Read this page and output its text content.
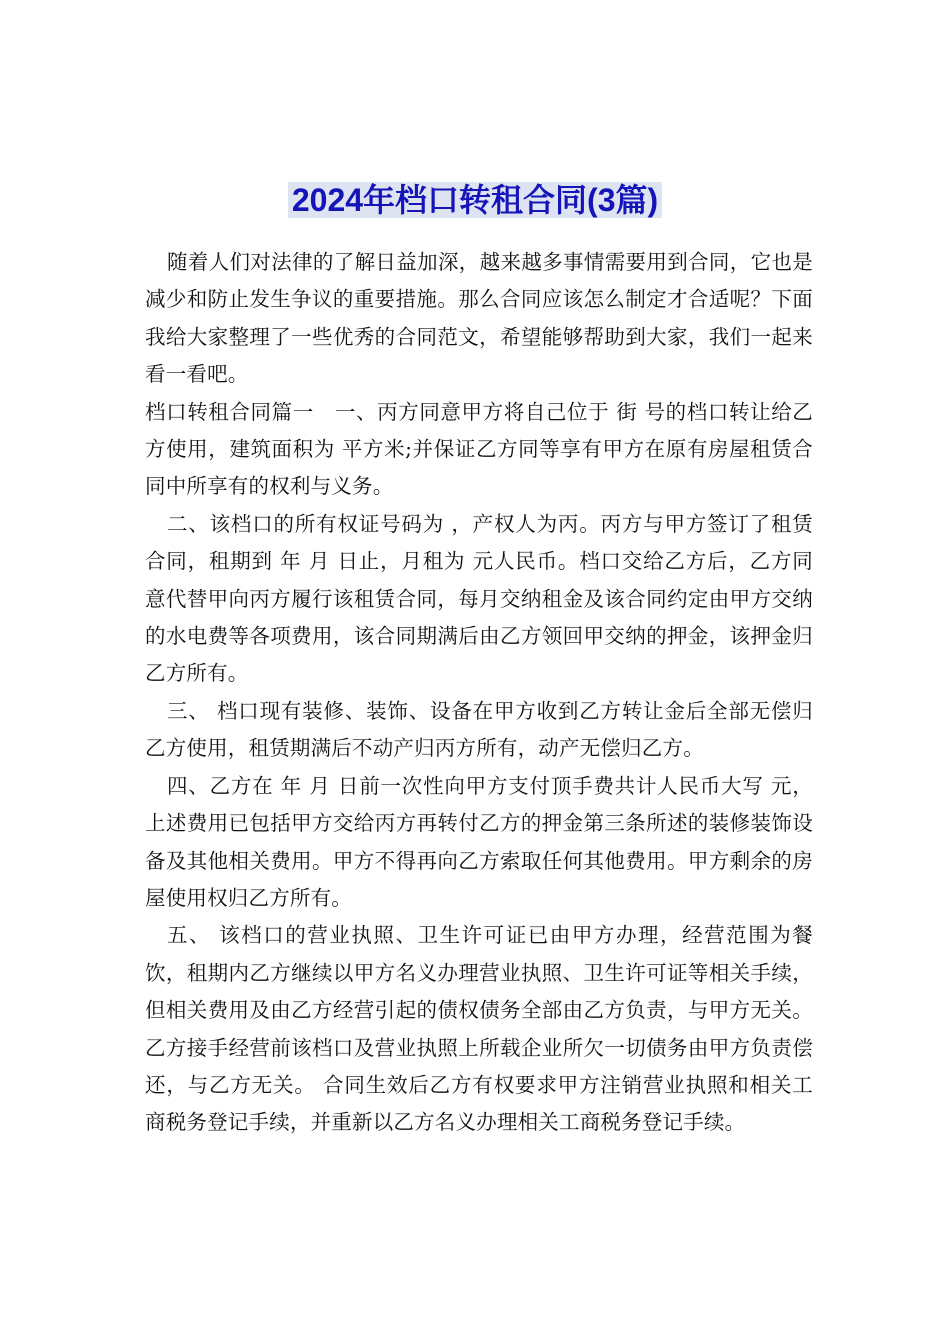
2024年档口转租合同(3篇)

随着人们对法律的了解日益加深，越来越多事情需要用到合同，它也是减少和防止发生争议的重要措施。那么合同应该怎么制定才合适呢？下面我给大家整理了一些优秀的合同范文，希望能够帮助到大家，我们一起来看一看吧。

档口转租合同篇一　一、丙方同意甲方将自己位于 街 号的档口转让给乙方使用，建筑面积为 平方米;并保证乙方同等享有甲方在原有房屋租赁合同中所享有的权利与义务。

二、该档口的所有权证号码为 ，产权人为丙。丙方与甲方签订了租赁合同，租期到 年 月 日止，月租为 元人民币。档口交给乙方后，乙方同意代替甲向丙方履行该租赁合同，每月交纳租金及该合同约定由甲方交纳的水电费等各项费用，该合同期满后由乙方领回甲交纳的押金，该押金归乙方所有。

三、 档口现有装修、装饰、设备在甲方收到乙方转让金后全部无偿归乙方使用，租赁期满后不动产归丙方所有，动产无偿归乙方。

四、乙方在 年 月 日前一次性向甲方支付顶手费共计人民币大写 元，上述费用已包括甲方交给丙方再转付乙方的押金第三条所述的装修装饰设备及其他相关费用。甲方不得再向乙方索取任何其他费用。甲方剩余的房屋使用权归乙方所有。

五、 该档口的营业执照、卫生许可证已由甲方办理，经营范围为餐饮，租期内乙方继续以甲方名义办理营业执照、卫生许可证等相关手续，但相关费用及由乙方经营引起的债权债务全部由乙方负责，与甲方无关。乙方接手经营前该档口及营业执照上所载企业所欠一切债务由甲方负责偿还，与乙方无关。 合同生效后乙方有权要求甲方注销营业执照和相关工商税务登记手续，并重新以乙方名义办理相关工商税务登记手续。
